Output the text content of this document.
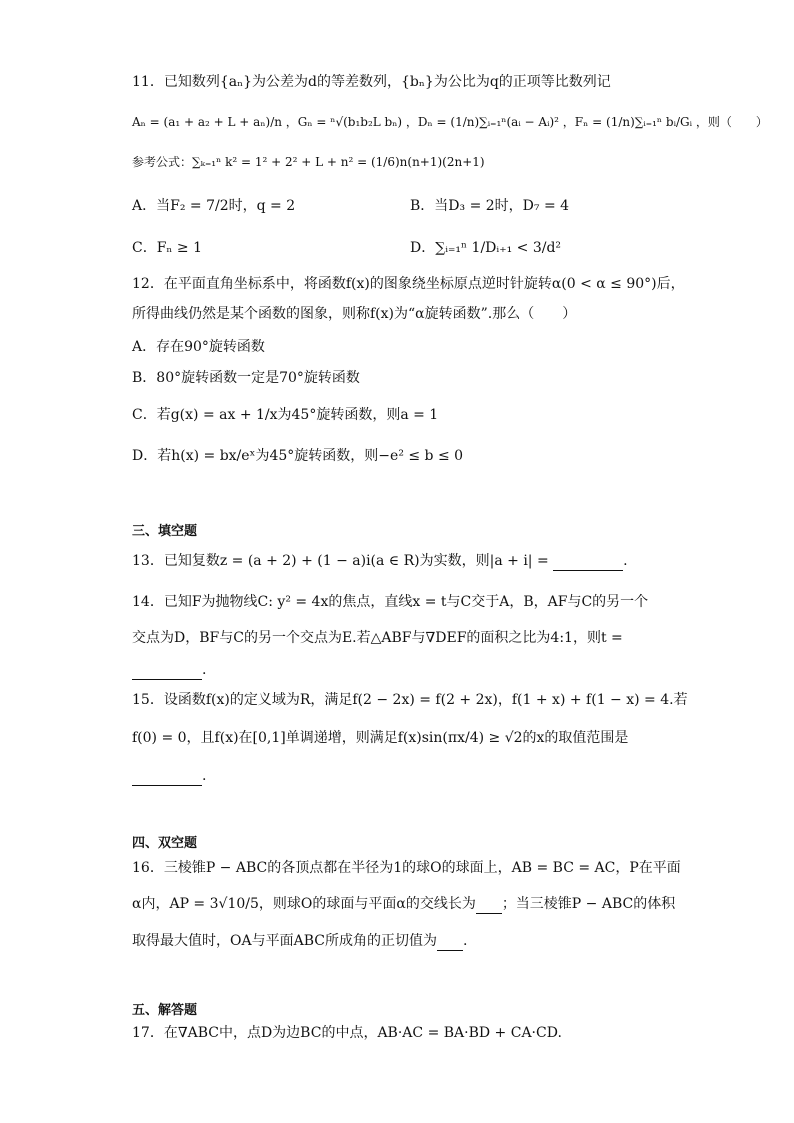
11．已知数列{aₙ}为公差为d的等差数列，{bₙ}为公比为q的正项等比数列记
Aₙ = (a₁ + a₂ + L + aₙ)/n ，Gₙ = ⁿ√(b₁b₂L bₙ) ，Dₙ = (1/n)∑ᵢ₌₁ⁿ(aᵢ − Aᵢ)² ，Fₙ = (1/n)∑ᵢ₌₁ⁿ bᵢ/Gᵢ ，则（　　）
参考公式：∑ₖ₌₁ⁿ k² = 1² + 2² + L + n² = (1/6)n(n+1)(2n+1)
A．当F₂ = 7/2时，q = 2	B．当D₃ = 2时，D₇ = 4
C．Fₙ ≥ 1	D．∑ᵢ₌₁ⁿ 1/Dᵢ₊₁ < 3/d²
12．在平面直角坐标系中，将函数f(x)的图象绕坐标原点逆时针旋转α(0 < α ≤ 90°)后，
所得曲线仍然是某个函数的图象，则称f(x)为“α旋转函数”.那么（　　）
A．存在90°旋转函数
B．80°旋转函数一定是70°旋转函数
C．若g(x) = ax + 1/x为45°旋转函数，则a = 1
D．若h(x) = bx/eˣ为45°旋转函数，则−e² ≤ b ≤ 0
三、填空题
13．已知复数z = (a + 2) + (1 − a)i(a ∈ R)为实数，则|a + i| =	.
14．已知F为抛物线C: y² = 4x的焦点，直线x = t与C交于A，B，AF与C的另一个
交点为D，BF与C的另一个交点为E.若△ABF与∇DEF的面积之比为4:1，则t =
.
15．设函数f(x)的定义域为R，满足f(2 − 2x) = f(2 + 2x)，f(1 + x) + f(1 − x) = 4.若
f(0) = 0，且f(x)在[0,1]单调递增，则满足f(x)sin(πx/4) ≥ √2的x的取值范围是
.
四、双空题
16．三棱锥P − ABC的各顶点都在半径为1的球O的球面上，AB = BC = AC，P在平面
α内，AP = 3√10/5，则球O的球面与平面α的交线长为 ；当三棱锥P − ABC的体积
取得最大值时，OA与平面ABC所成角的正切值为 .
五、解答题
17．在∇ABC中，点D为边BC的中点，AB·AC = BA·BD + CA·CD.
